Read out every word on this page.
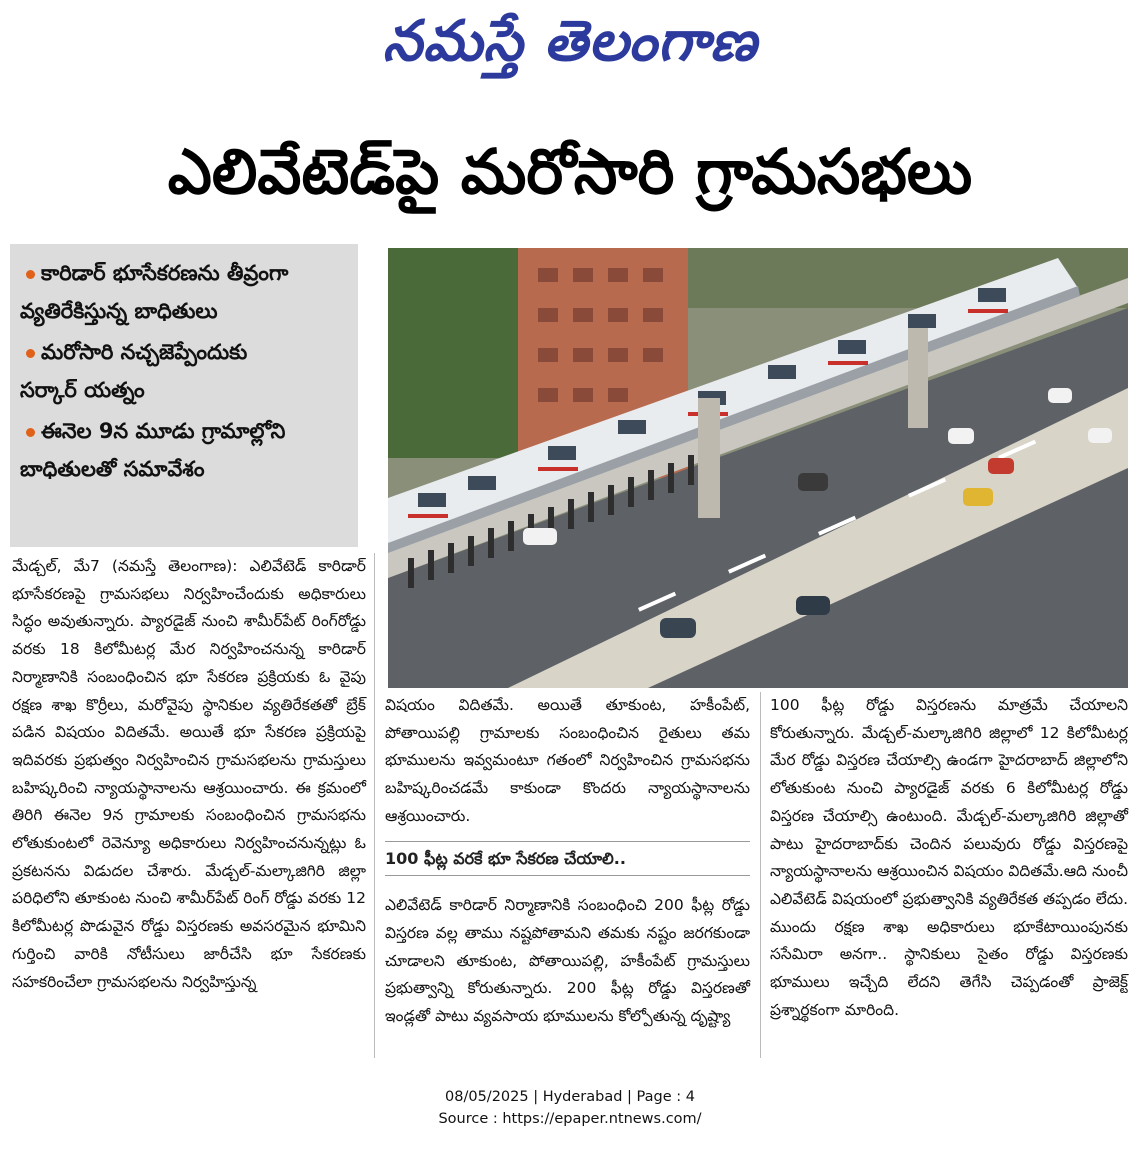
నమస్తే తెలంగాణ
ఎలివేటెడ్‌పై మరోసారి గ్రామసభలు
కారిడార్ భూసేకరణను తీవ్రంగా
వ్యతిరేకిస్తున్న బాధితులు
మరోసారి నచ్చజెప్పేందుకు
సర్కార్ యత్నం
ఈనెల 9న మూడు గ్రామాల్లోని
బాధితులతో సమావేశం

మేడ్చల్, మే7 (నమస్తే తెలంగాణ): ఎలివేటెడ్ కారిడార్ భూసేకరణపై గ్రామసభలు నిర్వహించేందుకు అధికారులు సిద్ధం అవుతున్నారు. ప్యారడైజ్ నుంచి శామీర్‌పేట్ రింగ్‌రోడ్డు వరకు 18 కిలోమీటర్ల మేర నిర్వహించనున్న కారిడార్ నిర్మాణానికి సంబంధించిన భూ సేకరణ ప్రక్రియకు ఓ వైపు రక్షణ శాఖ కొర్రీలు, మరోవైపు స్థానికుల వ్యతిరేకతతో బ్రేక్ పడిన విషయం విదితమే. అయితే భూ సేకరణ ప్రక్రియపై ఇదివరకు ప్రభుత్వం నిర్వహించిన గ్రామసభలను గ్రామస్తులు బహిష్కరించి న్యాయస్థానాలను ఆశ్రయించారు. ఈ క్రమంలో తిరిగి ఈనెల 9న గ్రామాలకు సంబంధించిన గ్రామసభను లోతుకుంటలో రెవెన్యూ అధికారులు నిర్వహించనున్నట్లు ఓ ప్రకటనను విడుదల చేశారు. మేడ్చల్-మల్కాజిగిరి జిల్లా పరిధిలోని తూకుంట నుంచి శామీర్‌పేట్ రింగ్ రోడ్డు వరకు 12 కిలోమీటర్ల పొడువైన రోడ్డు విస్తరణకు అవసరమైన భూమిని గుర్తించి వారికి నోటీసులు జారీచేసి భూ సేకరణకు సహకరించేలా గ్రామసభలను నిర్వహిస్తున్న

విషయం విదితమే. అయితే తూకుంట, హకీంపేట్, పోతాయిపల్లి గ్రామాలకు సంబంధించిన రైతులు తమ భూములను ఇవ్వమంటూ గతంలో నిర్వహించిన గ్రామసభను బహిష్కరించడమే కాకుండా కొందరు న్యాయస్థానాలను ఆశ్రయించారు.

100 ఫీట్ల వరకే భూ సేకరణ చేయాలి..

ఎలివేటెడ్ కారిడార్ నిర్మాణానికి సంబంధించి 200 ఫీట్ల రోడ్డు విస్తరణ వల్ల తాము నష్టపోతామని తమకు నష్టం జరగకుండా చూడాలని తూకుంట, పోతాయిపల్లి, హకీంపేట్ గ్రామస్తులు ప్రభుత్వాన్ని కోరుతున్నారు. 200 ఫీట్ల రోడ్డు విస్తరణతో ఇండ్లతో పాటు వ్యవసాయ భూములను కోల్పోతున్న దృష్ట్యా

100 ఫీట్ల రోడ్డు విస్తరణను మాత్రమే చేయాలని కోరుతున్నారు. మేడ్చల్-మల్కాజిగిరి జిల్లాలో 12 కిలోమీటర్ల మేర రోడ్డు విస్తరణ చేయాల్సి ఉండగా హైదరాబాద్ జిల్లాలోని లోతుకుంట నుంచి ప్యారడైజ్ వరకు 6 కిలోమీటర్ల రోడ్డు విస్తరణ చేయాల్సి ఉంటుంది. మేడ్చల్-మల్కాజిగిరి జిల్లాతో పాటు హైదరాబాద్‌కు చెందిన పలువురు రోడ్డు విస్తరణపై న్యాయస్థానాలను ఆశ్రయించిన విషయం విదితమే.ఆది నుంచీ ఎలివేటెడ్ విషయంలో ప్రభుత్వానికి వ్యతిరేకత తప్పడం లేదు. ముందు రక్షణ శాఖ అధికారులు భూకేటాయింపునకు ససేమిరా అనగా.. స్థానికులు సైతం రోడ్డు విస్తరణకు భూములు ఇచ్చేది లేదని తెగేసి చెప్పడంతో ప్రాజెక్ట్ ప్రశ్నార్థకంగా మారింది.

08/05/2025 | Hyderabad | Page : 4
Source : https://epaper.ntnews.com/
